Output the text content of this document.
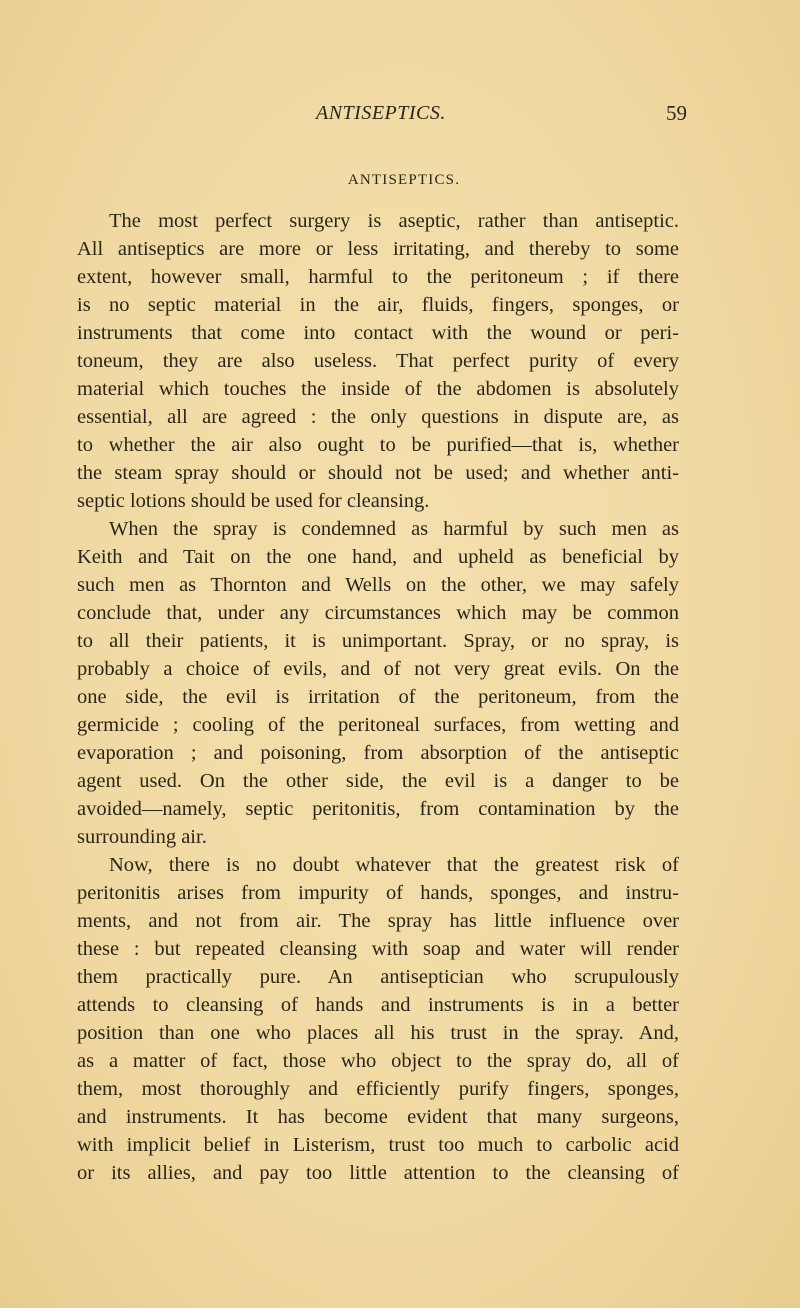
ANTISEPTICS.	59
ANTISEPTICS.
The most perfect surgery is aseptic, rather than antiseptic.
All antiseptics are more or less irritating, and thereby to some
extent, however small, harmful to the peritoneum ; if there
is no septic material in the air, fluids, fingers, sponges, or
instruments that come into contact with the wound or peri-
toneum, they are also useless. That perfect purity of every
material which touches the inside of the abdomen is absolutely
essential, all are agreed : the only questions in dispute are, as
to whether the air also ought to be purified—that is, whether
the steam spray should or should not be used; and whether anti-
septic lotions should be used for cleansing.
When the spray is condemned as harmful by such men as
Keith and Tait on the one hand, and upheld as beneficial by
such men as Thornton and Wells on the other, we may safely
conclude that, under any circumstances which may be common
to all their patients, it is unimportant. Spray, or no spray, is
probably a choice of evils, and of not very great evils. On the
one side, the evil is irritation of the peritoneum, from the
germicide ; cooling of the peritoneal surfaces, from wetting and
evaporation ; and poisoning, from absorption of the antiseptic
agent used. On the other side, the evil is a danger to be
avoided—namely, septic peritonitis, from contamination by the
surrounding air.
Now, there is no doubt whatever that the greatest risk of
peritonitis arises from impurity of hands, sponges, and instru-
ments, and not from air. The spray has little influence over
these : but repeated cleansing with soap and water will render
them practically pure. An antiseptician who scrupulously
attends to cleansing of hands and instruments is in a better
position than one who places all his trust in the spray. And,
as a matter of fact, those who object to the spray do, all of
them, most thoroughly and efficiently purify fingers, sponges,
and instruments. It has become evident that many surgeons,
with implicit belief in Listerism, trust too much to carbolic acid
or its allies, and pay too little attention to the cleansing of
